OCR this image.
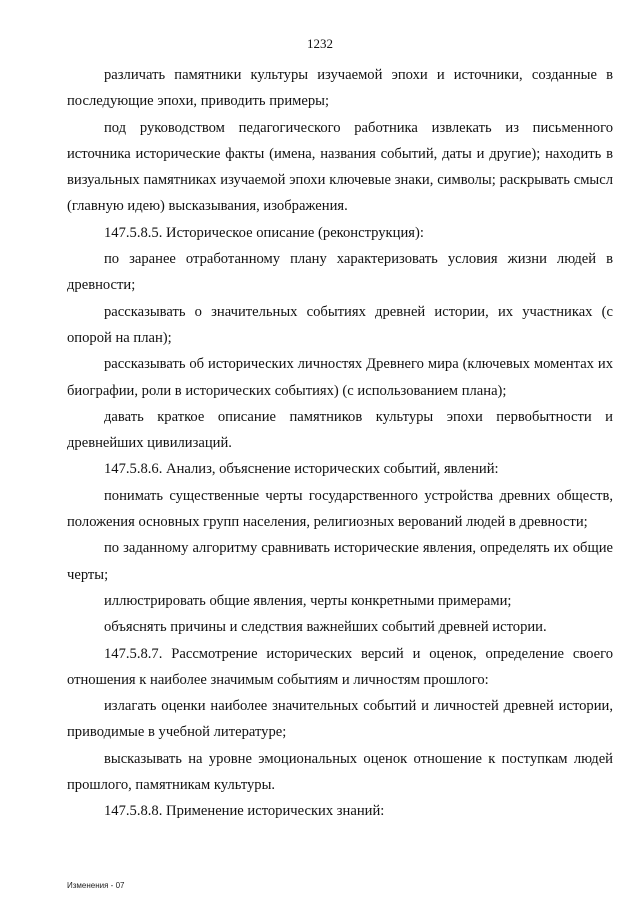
1232

различать памятники культуры изучаемой эпохи и источники, созданные в последующие эпохи, приводить примеры;

под руководством педагогического работника извлекать из письменного источника исторические факты (имена, названия событий, даты и другие); находить в визуальных памятниках изучаемой эпохи ключевые знаки, символы; раскрывать смысл (главную идею) высказывания, изображения.

147.5.8.5. Историческое описание (реконструкция):

по заранее отработанному плану характеризовать условия жизни людей в древности;

рассказывать о значительных событиях древней истории, их участниках (с опорой на план);

рассказывать об исторических личностях Древнего мира (ключевых моментах их биографии, роли в исторических событиях) (с использованием плана);

давать краткое описание памятников культуры эпохи первобытности и древнейших цивилизаций.

147.5.8.6. Анализ, объяснение исторических событий, явлений:

понимать существенные черты государственного устройства древних обществ, положения основных групп населения, религиозных верований людей в древности;

по заданному алгоритму сравнивать исторические явления, определять их общие черты;

иллюстрировать общие явления, черты конкретными примерами;

объяснять причины и следствия важнейших событий древней истории.

147.5.8.7. Рассмотрение исторических версий и оценок, определение своего отношения к наиболее значимым событиям и личностям прошлого:

излагать оценки наиболее значительных событий и личностей древней истории, приводимые в учебной литературе;

высказывать на уровне эмоциональных оценок отношение к поступкам людей прошлого, памятникам культуры.

147.5.8.8. Применение исторических знаний:

Изменения - 07
